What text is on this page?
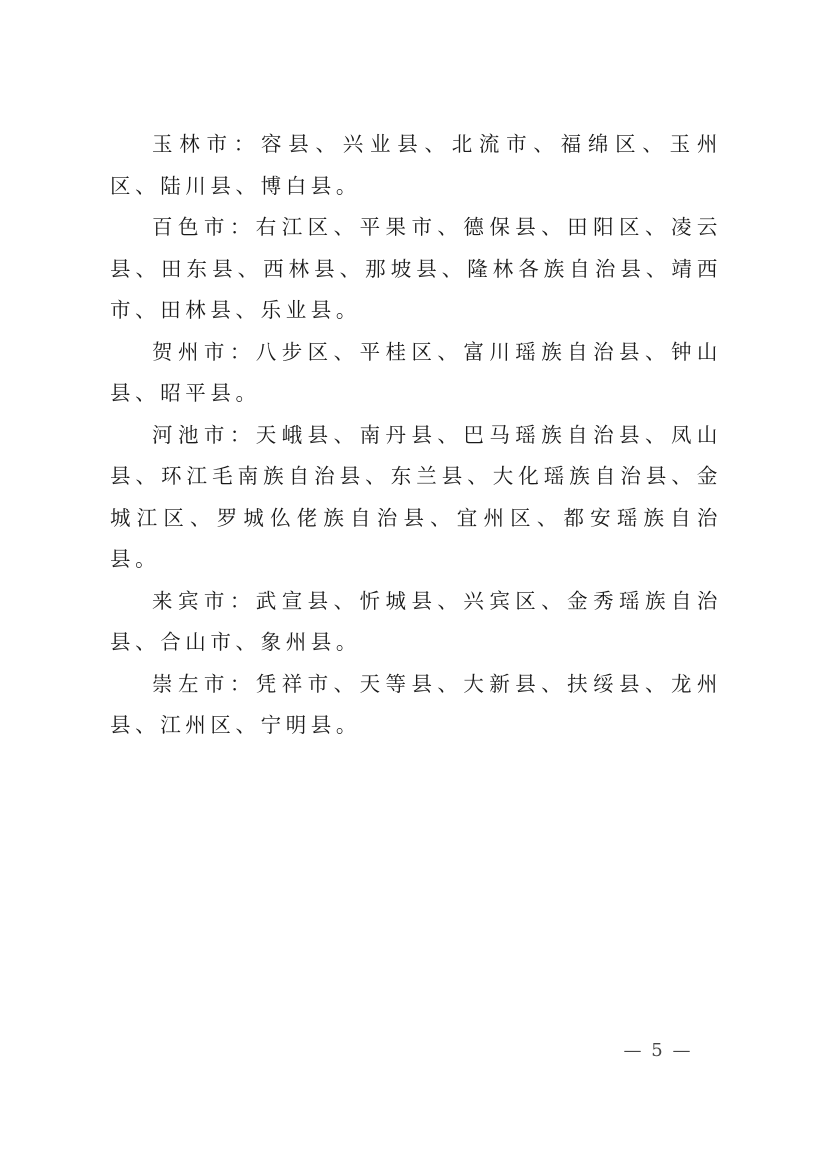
玉林市：容县、兴业县、北流市、福绵区、玉州区、陆川县、博白县。

百色市：右江区、平果市、德保县、田阳区、凌云县、田东县、西林县、那坡县、隆林各族自治县、靖西市、田林县、乐业县。

贺州市：八步区、平桂区、富川瑶族自治县、钟山县、昭平县。

河池市：天峨县、南丹县、巴马瑶族自治县、凤山县、环江毛南族自治县、东兰县、大化瑶族自治县、金城江区、罗城仫佬族自治县、宜州区、都安瑶族自治县。

来宾市：武宣县、忻城县、兴宾区、金秀瑶族自治县、合山市、象州县。

崇左市：凭祥市、天等县、大新县、扶绥县、龙州县、江州区、宁明县。

— 5 —
